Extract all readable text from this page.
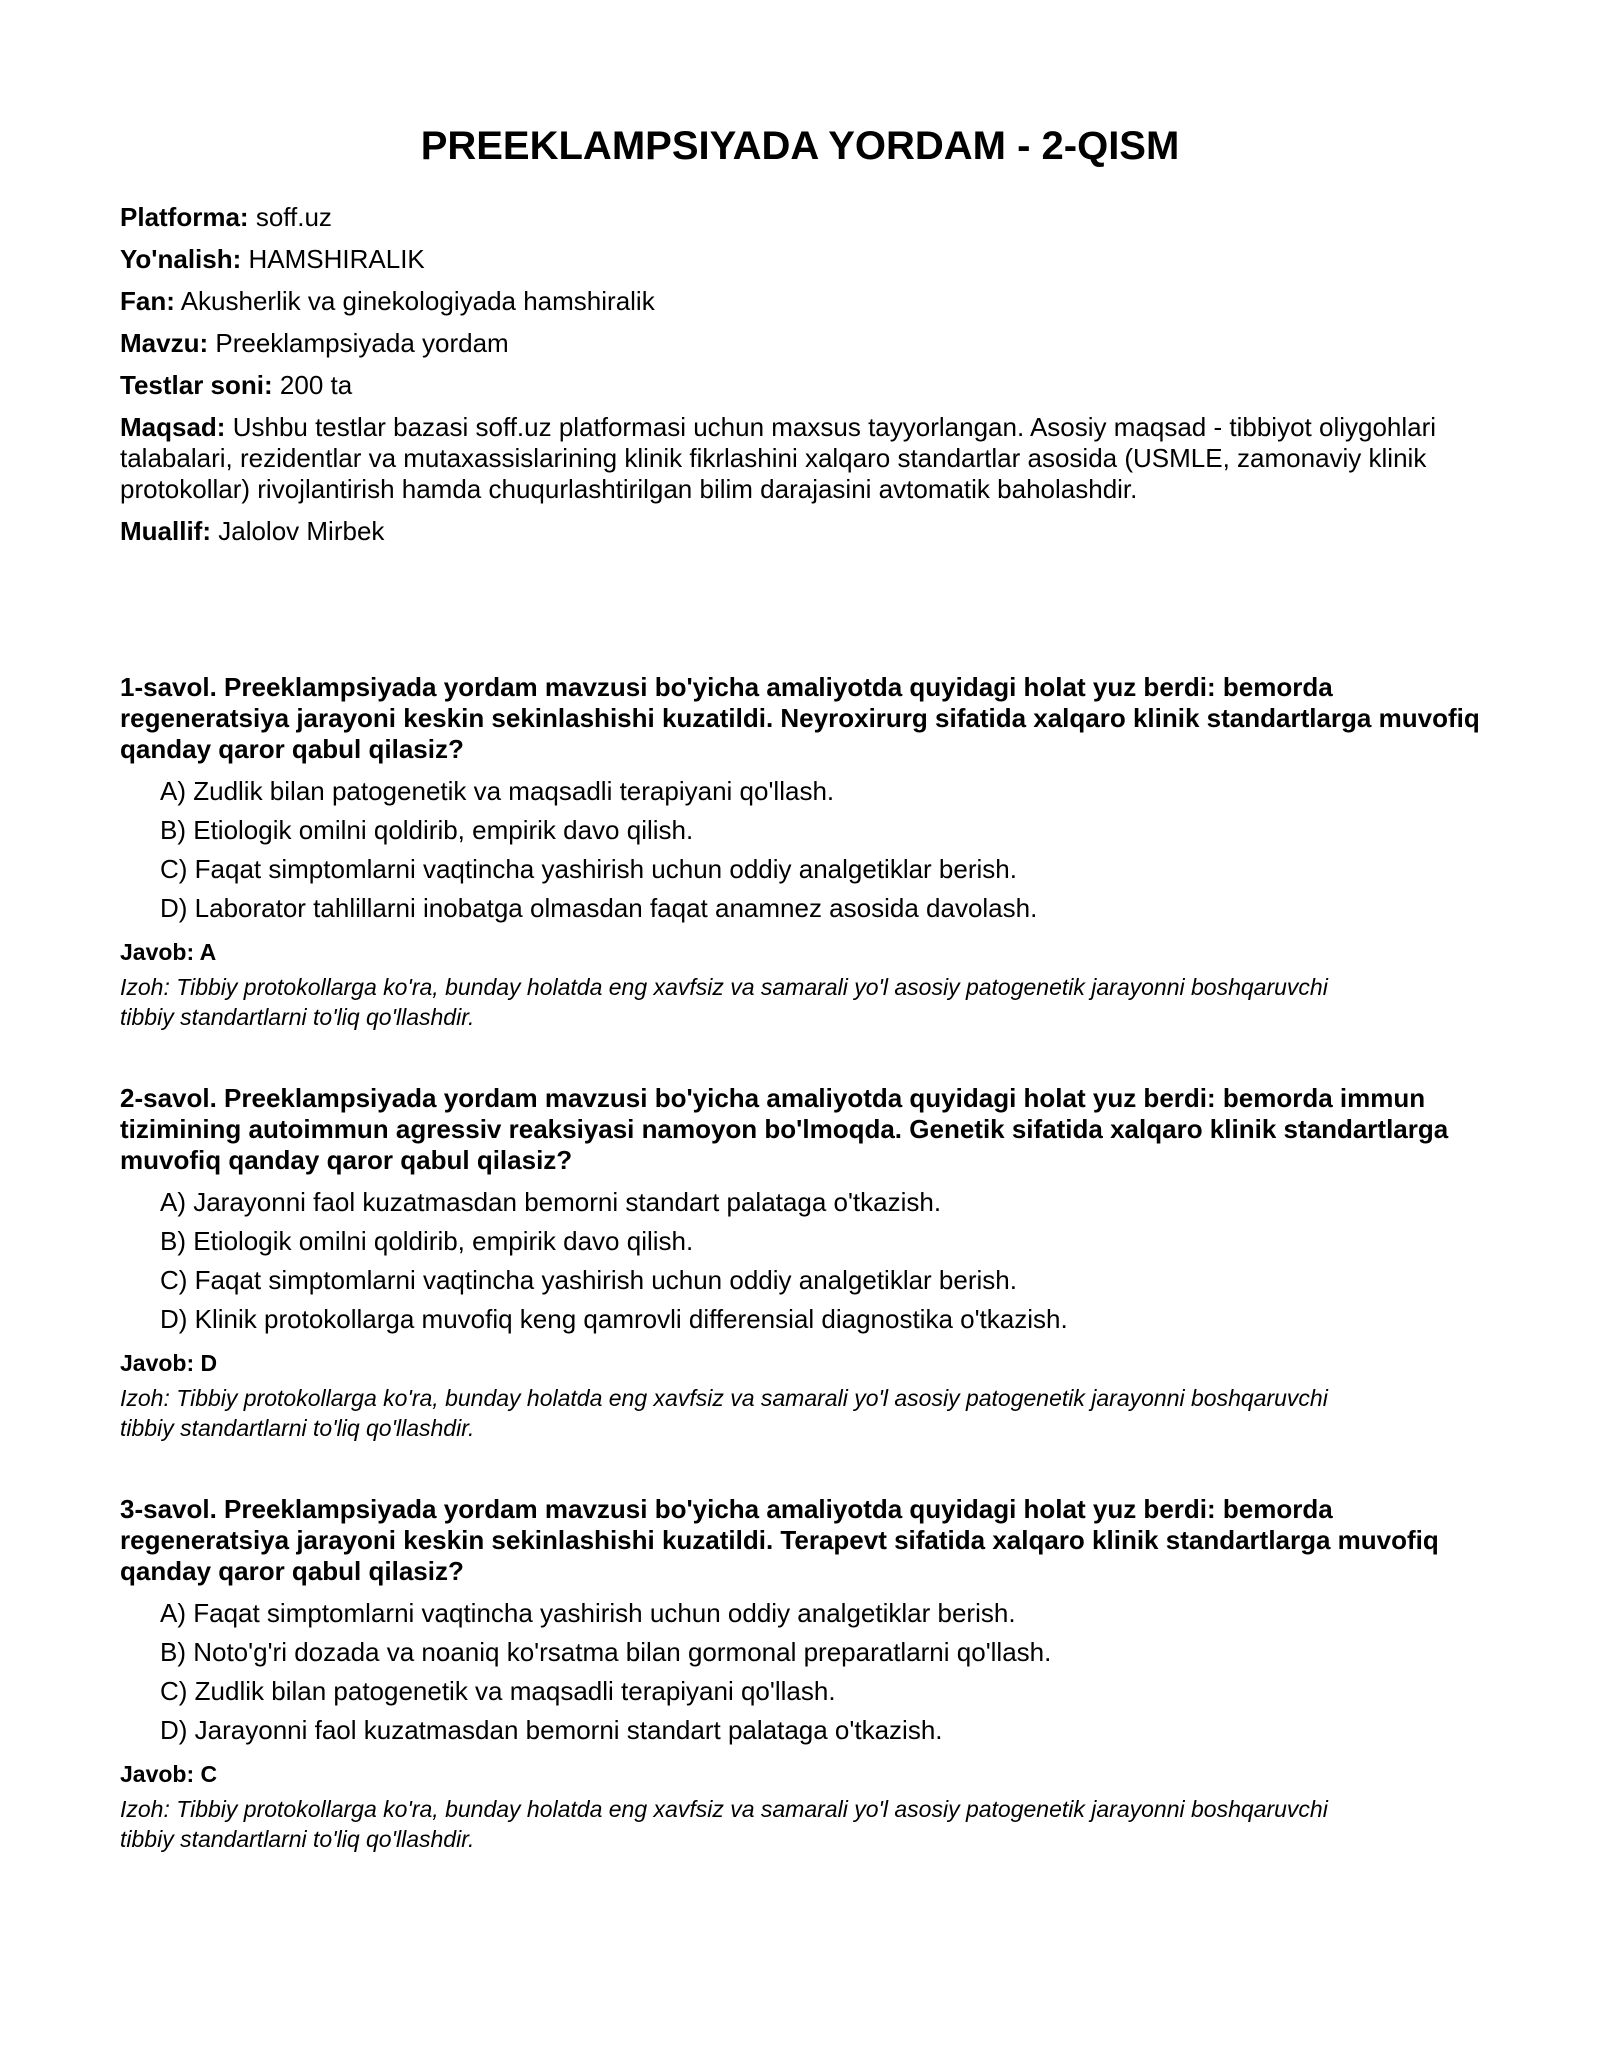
PREEKLAMPSIYADA YORDAM - 2-QISM

Platforma: soff.uz

Yo'nalish: HAMSHIRALIK

Fan: Akusherlik va ginekologiyada hamshiralik

Mavzu: Preeklampsiyada yordam

Testlar soni: 200 ta

Maqsad: Ushbu testlar bazasi soff.uz platformasi uchun maxsus tayyorlangan. Asosiy maqsad - tibbiyot oliygohlari talabalari, rezidentlar va mutaxassislarining klinik fikrlashini xalqaro standartlar asosida (USMLE, zamonaviy klinik protokollar) rivojlantirish hamda chuqurlashtirilgan bilim darajasini avtomatik baholashdir.

Muallif: Jalolov Mirbek

1-savol. Preeklampsiyada yordam mavzusi bo'yicha amaliyotda quyidagi holat yuz berdi: bemorda regeneratsiya jarayoni keskin sekinlashishi kuzatildi. Neyroxirurg sifatida xalqaro klinik standartlarga muvofiq qanday qaror qabul qilasiz?

A) Zudlik bilan patogenetik va maqsadli terapiyani qo'llash.

B) Etiologik omilni qoldirib, empirik davo qilish.

C) Faqat simptomlarni vaqtincha yashirish uchun oddiy analgetiklar berish.

D) Laborator tahlillarni inobatga olmasdan faqat anamnez asosida davolash.

Javob: A

Izoh: Tibbiy protokollarga ko'ra, bunday holatda eng xavfsiz va samarali yo'l asosiy patogenetik jarayonni boshqaruvchi tibbiy standartlarni to'liq qo'llashdir.

2-savol. Preeklampsiyada yordam mavzusi bo'yicha amaliyotda quyidagi holat yuz berdi: bemorda immun tizimining autoimmun agressiv reaksiyasi namoyon bo'lmoqda. Genetik sifatida xalqaro klinik standartlarga muvofiq qanday qaror qabul qilasiz?

A) Jarayonni faol kuzatmasdan bemorni standart palataga o'tkazish.

B) Etiologik omilni qoldirib, empirik davo qilish.

C) Faqat simptomlarni vaqtincha yashirish uchun oddiy analgetiklar berish.

D) Klinik protokollarga muvofiq keng qamrovli differensial diagnostika o'tkazish.

Javob: D

Izoh: Tibbiy protokollarga ko'ra, bunday holatda eng xavfsiz va samarali yo'l asosiy patogenetik jarayonni boshqaruvchi tibbiy standartlarni to'liq qo'llashdir.

3-savol. Preeklampsiyada yordam mavzusi bo'yicha amaliyotda quyidagi holat yuz berdi: bemorda regeneratsiya jarayoni keskin sekinlashishi kuzatildi. Terapevt sifatida xalqaro klinik standartlarga muvofiq qanday qaror qabul qilasiz?

A) Faqat simptomlarni vaqtincha yashirish uchun oddiy analgetiklar berish.

B) Noto'g'ri dozada va noaniq ko'rsatma bilan gormonal preparatlarni qo'llash.

C) Zudlik bilan patogenetik va maqsadli terapiyani qo'llash.

D) Jarayonni faol kuzatmasdan bemorni standart palataga o'tkazish.

Javob: C

Izoh: Tibbiy protokollarga ko'ra, bunday holatda eng xavfsiz va samarali yo'l asosiy patogenetik jarayonni boshqaruvchi tibbiy standartlarni to'liq qo'llashdir.
